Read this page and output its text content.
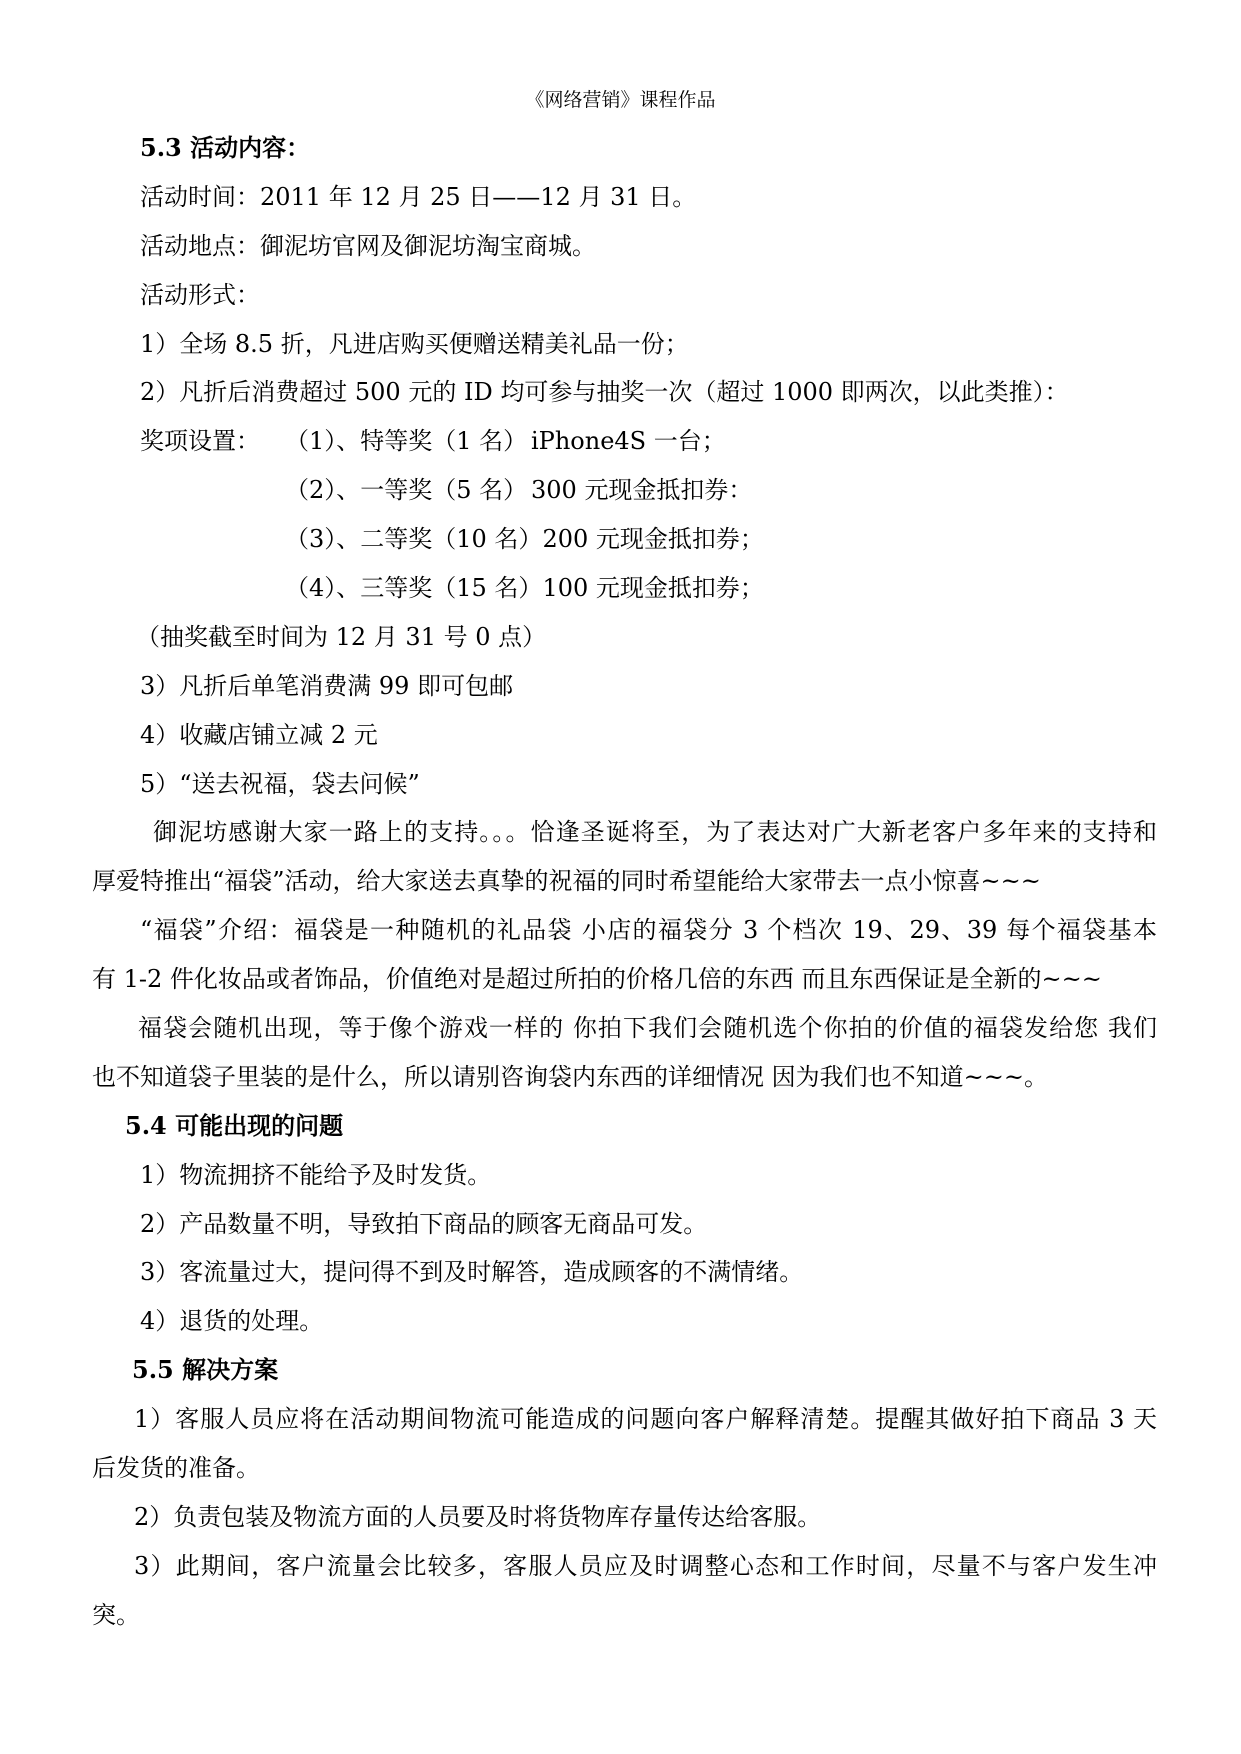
《网络营销》课程作品
5.3 活动内容：
活动时间：2011 年 12 月 25 日——12 月 31 日。
活动地点：御泥坊官网及御泥坊淘宝商城。
活动形式：
1）全场 8.5 折，凡进店购买便赠送精美礼品一份；
2）凡折后消费超过 500 元的 ID 均可参与抽奖一次（超过 1000 即两次，以此类推）：
奖项设置： （1）、特等奖（1 名） iPhone4S 一台；
（2）、一等奖（5 名） 300 元现金抵扣券：
（3）、二等奖（10 名）200 元现金抵扣券；
（4）、三等奖（15 名）100 元现金抵扣券；
（抽奖截至时间为 12 月 31 号 0 点）
3）凡折后单笔消费满 99 即可包邮
4）收藏店铺立减 2 元
5）“送去祝福，袋去问候”
御泥坊感谢大家一路上的支持。。。恰逢圣诞将至，为了表达对广大新老客户多年来的支持和
厚爱特推出“福袋”活动，给大家送去真挚的祝福的同时希望能给大家带去一点小惊喜~~~
“福袋”介绍：福袋是一种随机的礼品袋 小店的福袋分 3 个档次 19、29、39 每个福袋基本
有 1-2 件化妆品或者饰品，价值绝对是超过所拍的价格几倍的东西 而且东西保证是全新的~~~
福袋会随机出现，等于像个游戏一样的 你拍下我们会随机选个你拍的价值的福袋发给您 我们
也不知道袋子里装的是什么，所以请别咨询袋内东西的详细情况 因为我们也不知道~~~。
5.4 可能出现的问题
1）物流拥挤不能给予及时发货。
2）产品数量不明，导致拍下商品的顾客无商品可发。
3）客流量过大，提问得不到及时解答，造成顾客的不满情绪。
4）退货的处理。
5.5 解决方案
1）客服人员应将在活动期间物流可能造成的问题向客户解释清楚。提醒其做好拍下商品 3 天
后发货的准备。
2）负责包装及物流方面的人员要及时将货物库存量传达给客服。
3）此期间，客户流量会比较多，客服人员应及时调整心态和工作时间，尽量不与客户发生冲
突。
